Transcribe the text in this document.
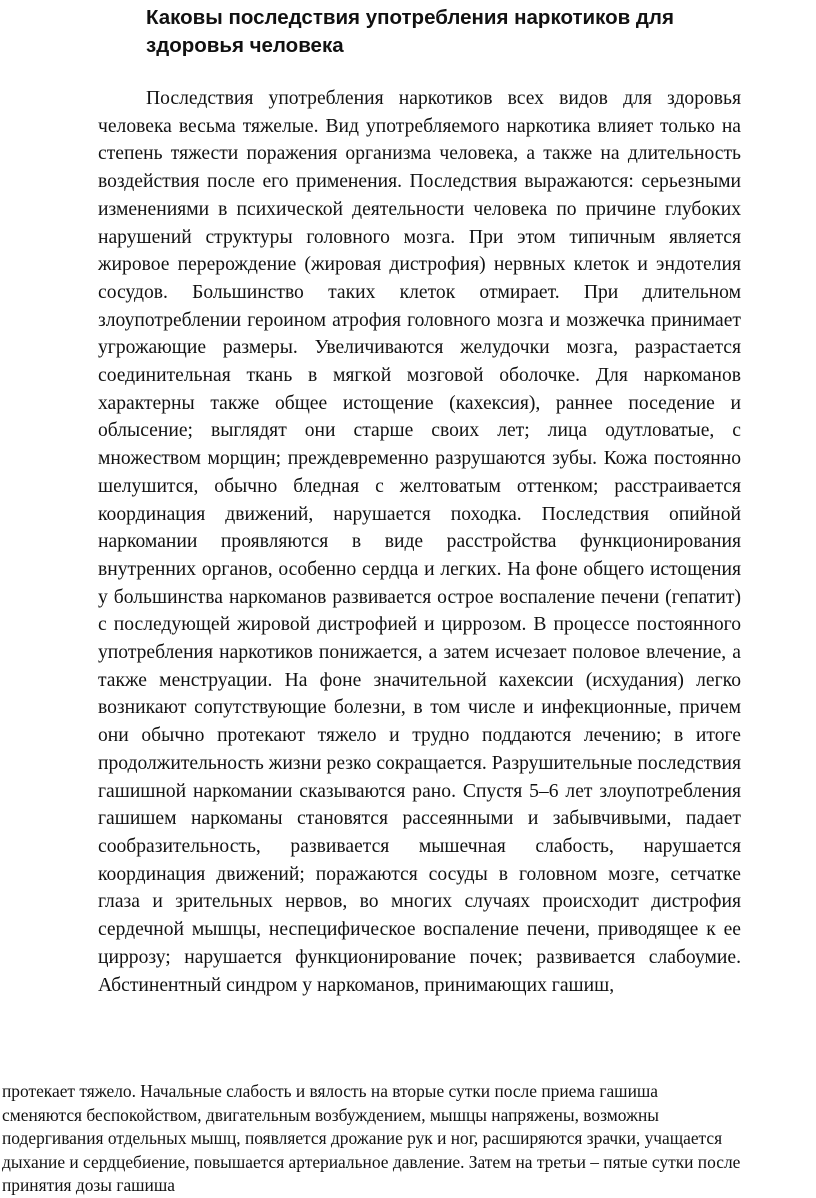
Каковы последствия употребления наркотиков для
здоровья человека

Последствия употребления наркотиков всех видов для здоровья человека весьма тяжелые. Вид употребляемого наркотика влияет только на степень тяжести поражения организма человека, а также на длительность воздействия после его применения. Последствия выражаются: серьезными изменениями в психической деятельности человека по причине глубоких нарушений структуры головного мозга. При этом типичным является жировое перерождение (жировая дистрофия) нервных клеток и эндотелия сосудов. Большинство таких клеток отмирает. При длительном злоупотреблении героином атрофия головного мозга и мозжечка принимает угрожающие размеры. Увеличиваются желудочки мозга, разрастается соединительная ткань в мягкой мозговой оболочке. Для наркоманов характерны также общее истощение (кахексия), раннее поседение и облысение; выглядят они старше своих лет; лица одутловатые, с множеством морщин; преждевременно разрушаются зубы. Кожа постоянно шелушится, обычно бледная с желтоватым оттенком; расстраивается координация движений, нарушается походка. Последствия опийной наркомании проявляются в виде расстройства функционирования внутренних органов, особенно сердца и легких. На фоне общего истощения у большинства наркоманов развивается острое воспаление печени (гепатит) с последующей жировой дистрофией и циррозом. В процессе постоянного употребления наркотиков понижается, а затем исчезает половое влечение, а также менструации. На фоне значительной кахексии (исхудания) легко возникают сопутствующие болезни, в том числе и инфекционные, причем они обычно протекают тяжело и трудно поддаются лечению; в итоге продолжительность жизни резко сокращается. Разрушительные последствия гашишной наркомании сказываются рано. Спустя 5–6 лет злоупотребления гашишем наркоманы становятся рассеянными и забывчивыми, падает сообразительность, развивается мышечная слабость, нарушается координация движений; поражаются сосуды в головном мозге, сетчатке глаза и зрительных нервов, во многих случаях происходит дистрофия сердечной мышцы, неспецифическое воспаление печени, приводящее к ее циррозу; нарушается функционирование почек; развивается слабоумие. Абстинентный синдром у наркоманов, принимающих гашиш,

протекает тяжело. Начальные слабость и вялость на вторые сутки после приема гашиша
сменяются беспокойством, двигательным возбуждением, мышцы напряжены, возможны
подергивания отдельных мышц, появляется дрожание рук и ног, расширяются зрачки, учащается
дыхание и сердцебиение, повышается артериальное давление. Затем на третьи – пятые сутки после
принятия дозы гашиша
